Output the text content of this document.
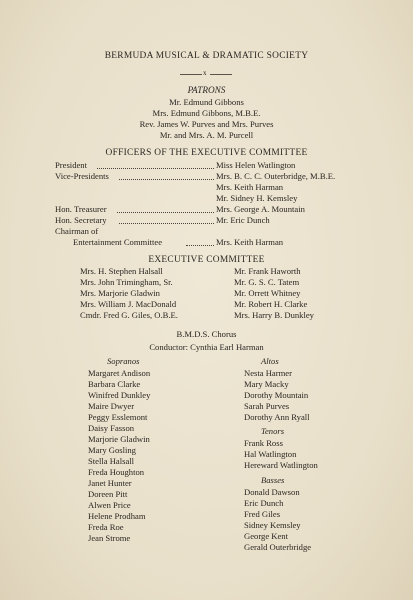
BERMUDA MUSICAL & DRAMATIC SOCIETY
x
PATRONS
Mr. Edmund Gibbons
Mrs. Edmund Gibbons, M.B.E.
Rev. James W. Purves and Mrs. Purves
Mr. and Mrs. A. M. Purcell
OFFICERS OF THE EXECUTIVE COMMITTEE
President	Miss Helen Watlington
Vice-Presidents	Mrs. B. C. C. Outerbridge, M.B.E.
Mrs. Keith Harman
Mr. Sidney H. Kemsley
Hon. Treasurer	Mrs. George A. Mountain
Hon. Secretary	Mr. Eric Dunch
Chairman of
Entertainment Committee	Mrs. Keith Harman
EXECUTIVE COMMITTEE
Mrs. H. Stephen Halsall
Mrs. John Trimingham, Sr.
Mrs. Marjorie Gladwin
Mrs. William J. MacDonald
Cmdr. Fred G. Giles, O.B.E.
Mr. Frank Haworth
Mr. G. S. C. Tatem
Mr. Orrett Whitney
Mr. Robert H. Clarke
Mrs. Harry B. Dunkley
B.M.D.S. Chorus
Conductor: Cynthia Earl Harman
Sopranos
Margaret Andison
Barbara Clarke
Winifred Dunkley
Maire Dwyer
Peggy Esslemont
Daisy Fasson
Marjorie Gladwin
Mary Gosling
Stella Halsall
Freda Houghton
Janet Hunter
Doreen Pitt
Alwen Price
Helene Prodham
Freda Roe
Jean Strome
Altos
Nesta Harmer
Mary Macky
Dorothy Mountain
Sarah Purves
Dorothy Ann Ryall
Tenors
Frank Ross
Hal Watlington
Hereward Watlington
Basses
Donald Dawson
Eric Dunch
Fred Giles
Sidney Kemsley
George Kent
Gerald Outerbridge
